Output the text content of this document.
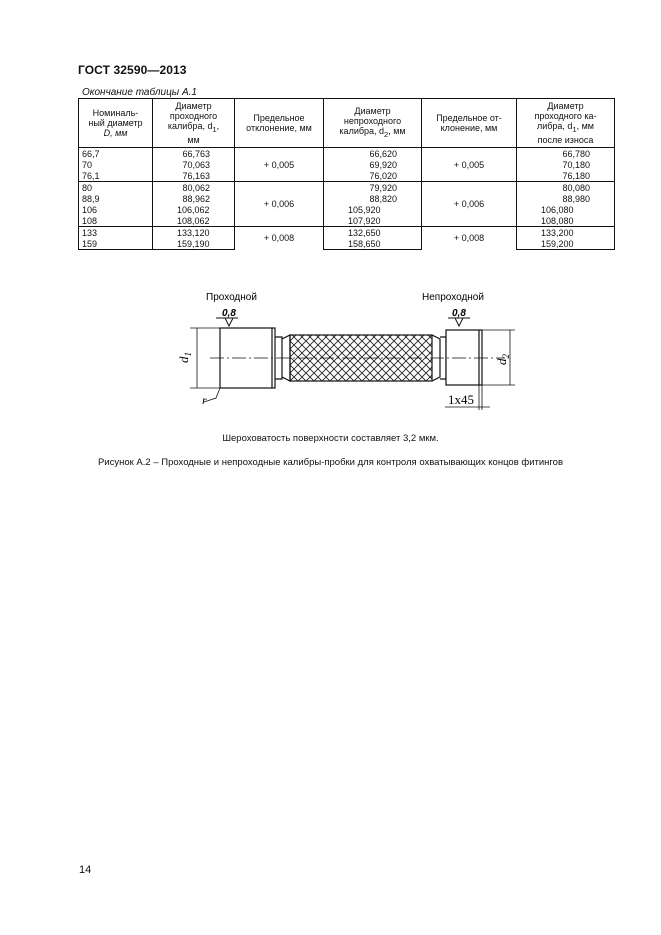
ГОСТ 32590—2013
Окончание таблицы А.1
Номиналь-
ный диаметр
D, мм	Диаметр
проходного
калибра, $d_1$,
мм	Предельное
отклонение, мм	Диаметр
непроходного
калибра, $d_2$, мм	Предельное от-
клонение, мм	Диаметр
проходного ка-
либра, $d_1$, мм
после износа
66,7	66,763	+ 0,005	66,620	+ 0,005	66,780
70	70,063		69,920		70,180
76,1	76,163		76,020		76,180
80	80,062	+ 0,006	79,920	+ 0,006	80,080
88,9	88,962		88,820		88,980
106	106,062		105,920		106,080
108	108,062		107,920		108,080
133	133,120	+ 0,008	132,650	+ 0,008	133,200
159	159,190		158,650		159,200
Проходной	Непроходной
0,8	0,8
$d_1$
$d_2$
r	1x45
Шероховатость поверхности составляет 3,2 мкм.
Рисунок А.2 – Проходные и непроходные калибры-пробки для контроля охватывающих концов фитингов
14
